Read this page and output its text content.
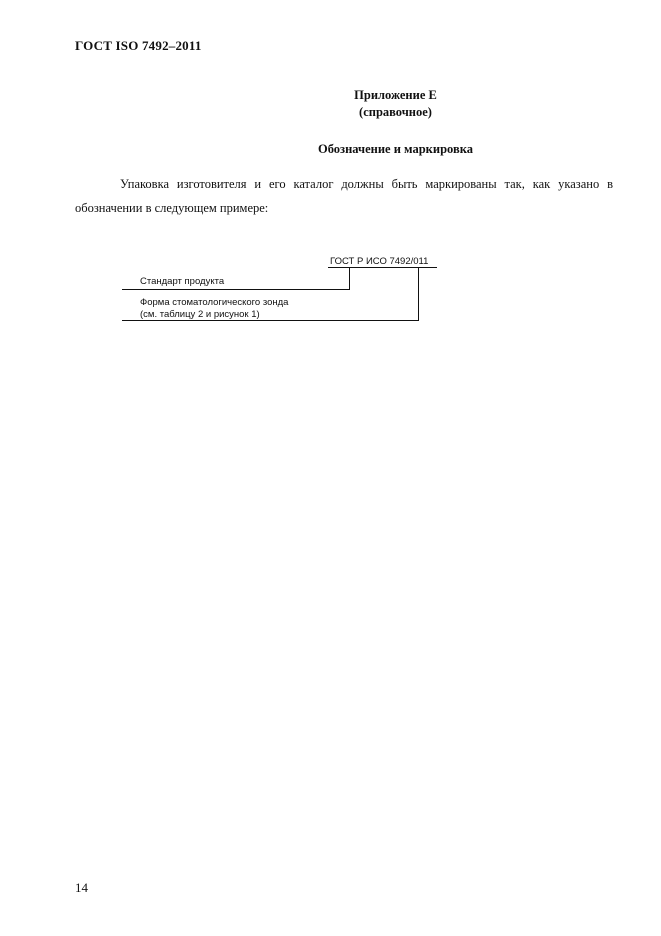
ГОСТ ISO 7492–2011
Приложение Е
(справочное)
Обозначение и маркировка
Упаковка изготовителя и его каталог должны быть маркированы так, как указано в обозначении в следующем примере:
ГОСТ Р ИСО 7492/011
Стандарт продукта
Форма стоматологического зонда
(см. таблицу 2 и рисунок 1)
14
